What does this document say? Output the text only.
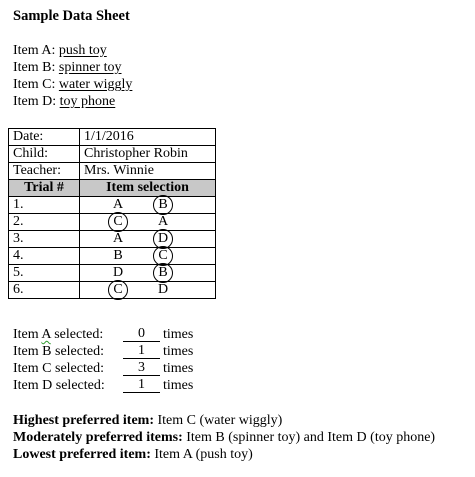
Sample Data Sheet
Item A: push toy
Item B: spinner toy
Item C: water wiggly
Item D: toy phone
Date:	1/1/2016
Child:	Christopher Robin
Teacher:	Mrs. Winnie
Trial #	Item selection
1.	A B

2.	C A

3.	A D

4.	B C

5.	D B

6.	C D
Item A selected:	0	times
Item B selected:	1	times
Item C selected:	3	times
Item D selected:	1	times
Highest preferred item: Item C (water wiggly)
Moderately preferred items: Item B (spinner toy) and Item D (toy phone)
Lowest preferred item: Item A (push toy)
